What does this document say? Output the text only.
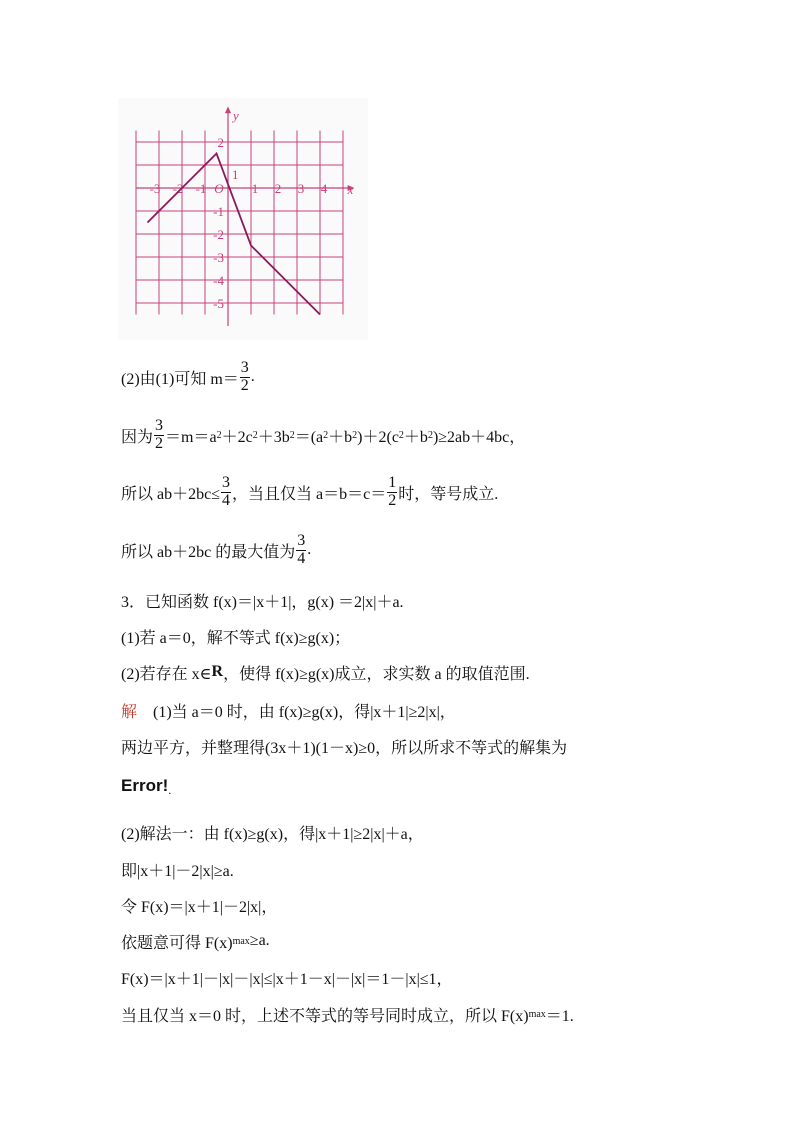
-3 -2 -1	1 2 3 4
O
2
1
-1
-2
-3
-4
-5
y
x
(2)由(1)可知 $m= \frac{3}{2}$ .
因为 $\frac{3}{2} =m=a$ 2 ＋2c 2 ＋3b 2 ＝(a 2 ＋b 2 )＋2(c 2 ＋b 2 )≥2ab＋4bc，
所以 $ab+2bc\le \frac{3}{4}$ ，当且仅当 $a=b=c= \frac{1}{2}$ 时，等号成立.
所以 ab＋2bc 的最大值为 $\frac{3}{4}$ .
3．已知函数 f(x)＝|x＋1|，g(x) ＝2|x|＋a.
(1)若 a＝0，解不等式 f(x)≥g(x)；
(2)若存在 x∈ R ，使得 f(x)≥g(x)成立，求实数 a 的取值范围.
解 (1)当 a＝0 时，由 f(x)≥g(x)，得|x＋1|≥2|x|，
两边平方，并整理得(3x＋1)(1－x)≥0，所以所求不等式的解集为
Error! .
(2)解法一：由 f(x)≥g(x)，得|x＋1|≥2|x|＋a，
即|x＋1|－2|x|≥a.
令 F(x)＝|x＋1|－2|x|，
依题意可得 F(x) max ≥a.
F(x)＝|x＋1|－|x|－|x|≤|x＋1－x|－|x|＝1－|x|≤1，
当且仅当 x＝0 时，上述不等式的等号同时成立，所以 F(x) max ＝1.
